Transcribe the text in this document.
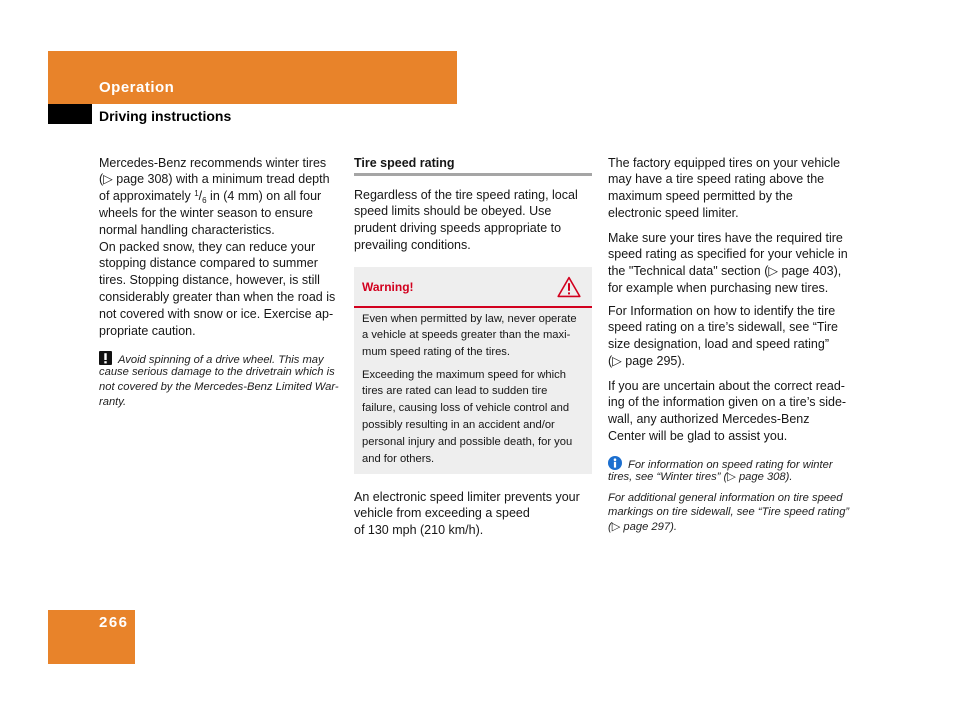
Operation
Driving instructions
Mercedes-Benz recommends winter tires
(▷ page 308) with a minimum tread depth
of approximately $^1/_6$ in (4 mm) on all four
wheels for the winter season to ensure
normal handling characteristics.
On packed snow, they can reduce your
stopping distance compared to summer
tires. Stopping distance, however, is still
considerably greater than when the road is
not covered with snow or ice. Exercise ap-
propriate caution.
Avoid spinning of a drive wheel. This may
cause serious damage to the drivetrain which is
not covered by the Mercedes-Benz Limited War-
ranty.
Tire speed rating
Regardless of the tire speed rating, local
speed limits should be obeyed. Use
prudent driving speeds appropriate to
prevailing conditions.
Warning!
Even when permitted by law, never operate
a vehicle at speeds greater than the maxi-
mum speed rating of the tires.
Exceeding the maximum speed for which
tires are rated can lead to sudden tire
failure, causing loss of vehicle control and
possibly resulting in an accident and/or
personal injury and possible death, for you
and for others.
An electronic speed limiter prevents your
vehicle from exceeding a speed
of 130 mph (210 km/h).
The factory equipped tires on your vehicle
may have a tire speed rating above the
maximum speed permitted by the
electronic speed limiter.
Make sure your tires have the required tire
speed rating as specified for your vehicle in
the "Technical data" section (▷ page 403),
for example when purchasing new tires.
For Information on how to identify the tire
speed rating on a tire’s sidewall, see “Tire
size designation, load and speed rating”
(▷ page 295).
If you are uncertain about the correct read-
ing of the information given on a tire’s side-
wall, any authorized Mercedes-Benz
Center will be glad to assist you.
For information on speed rating for winter
tires, see “Winter tires” (▷ page 308).
For additional general information on tire speed
markings on tire sidewall, see “Tire speed rating”
(▷ page 297).
266
